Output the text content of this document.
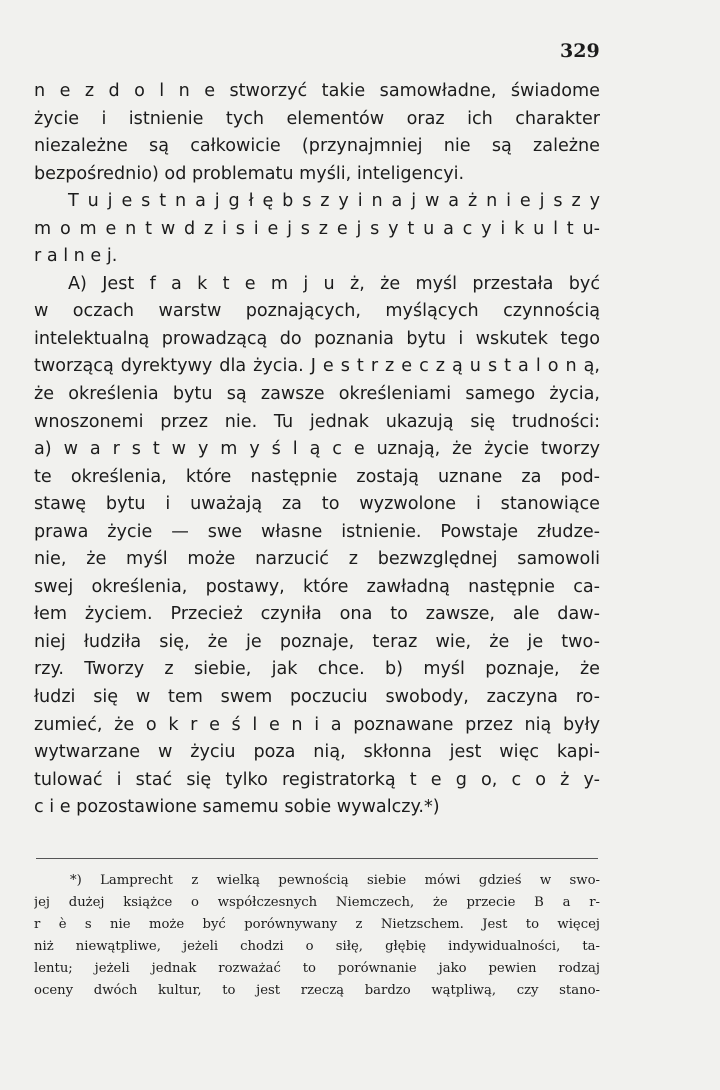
329
n e z d o l n e stworzyć takie samowładne, świadome
życie i istnienie tych elementów oraz ich charakter
niezależne są całkowicie (przynajmniej nie są zależne
bezpośrednio) od problematu myśli, inteligencyi.
T u j e s t n a j g ł ę b s z y i n a j w a ż n i e j s z y
m o m e n t w d z i s i e j s z e j s y t u a c y i k u l t u-
r a l n e j.
A) Jest f a k t e m j u ż, że myśl przestała być
w oczach warstw poznających, myślących czynnością
intelektualną prowadzącą do poznania bytu i wskutek tego
tworzącą dyrektywy dla życia. J e s t r z e c z ą u s t a l o n ą,
że określenia bytu są zawsze określeniami samego życia,
wnoszonemi przez nie. Tu jednak ukazują się trudności:
a) w a r s t w y m y ś l ą c e uznają, że życie tworzy
te określenia, które następnie zostają uznane za pod-
stawę bytu i uważają za to wyzwolone i stanowiące
prawa życie — swe własne istnienie. Powstaje złudze-
nie, że myśl może narzucić z bezwzględnej samowoli
swej określenia, postawy, które zawładną następnie ca-
łem życiem. Przecież czyniła ona to zawsze, ale daw-
niej łudziła się, że je poznaje, teraz wie, że je two-
rzy. Tworzy z siebie, jak chce. b) myśl poznaje, że
łudzi się w tem swem poczuciu swobody, zaczyna ro-
zumieć, że o k r e ś l e n i a poznawane przez nią były
wytwarzane w życiu poza nią, skłonna jest więc kapi-
tulować i stać się tylko registratorką t e g o, c o ż y-
c i e pozostawione samemu sobie wywalczy.*)
*) Lamprecht z wielką pewnością siebie mówi gdzieś w swo-
jej dużej książce o współczesnych Niemczech, że przecie B a r-
r è s nie może być porównywany z Nietzschem. Jest to więcej
niż niewątpliwe, jeżeli chodzi o siłę, głębię indywidualności, ta-
lentu; jeżeli jednak rozważać to porównanie jako pewien rodzaj
oceny dwóch kultur, to jest rzeczą bardzo wątpliwą, czy stano-
